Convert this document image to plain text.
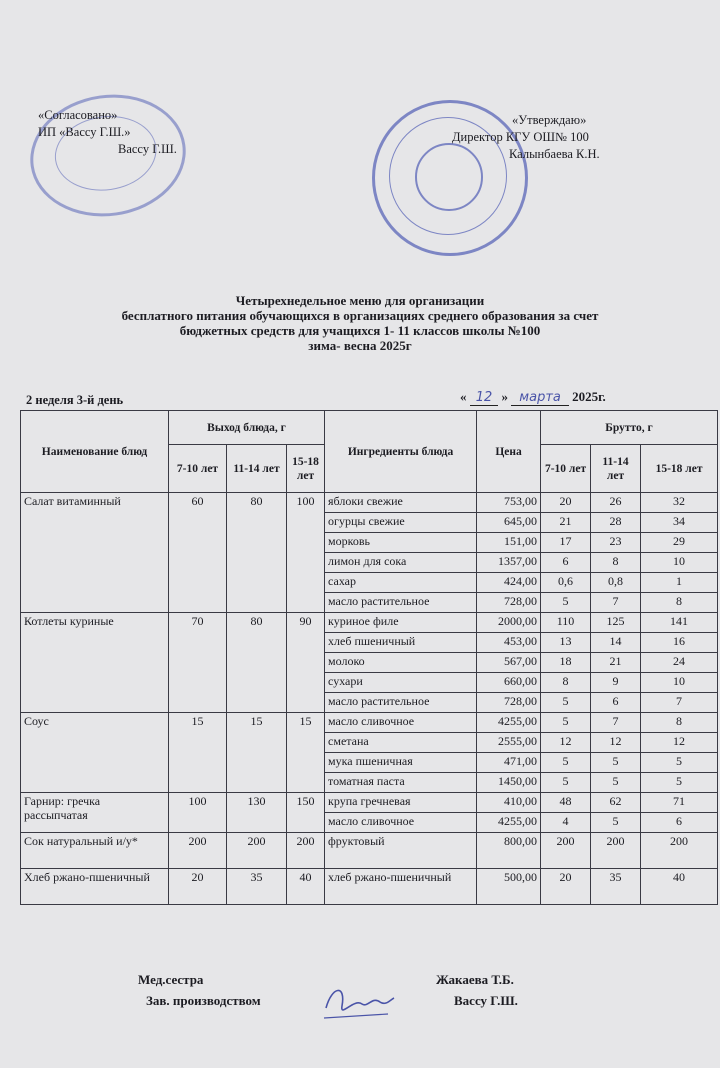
«Согласовано»
ИП «Вассу Г.Ш.»
Вассу Г.Ш.
«Утверждаю»
Директор КГУ ОШ№ 100
Калынбаева К.Н.
Четырехнедельное меню для организации
бесплатного питания обучающихся в организациях среднего образования за счет
бюджетных средств для учащихся 1- 11 классов школы №100
зима- весна 2025г
2 неделя 3-й день	« 12 » марта 2025г.
Наименование блюд	Выход блюда, г			Ингредиенты блюда	Цена	Брутто, г		
	7-10 лет	11-14 лет	15-18 лет			7-10 лет	11-14 лет	15-18 лет
Салат витаминный	60	80	100	яблоки свежие	753,00	20	26	32
				огурцы свежие	645,00	21	28	34
				морковь	151,00	17	23	29
				лимон для сока	1357,00	6	8	10
				сахар	424,00	0,6	0,8	1
				масло растительное	728,00	5	7	8
Котлеты куриные	70	80	90	куриное филе	2000,00	110	125	141
				хлеб пшеничный	453,00	13	14	16
				молоко	567,00	18	21	24
				сухари	660,00	8	9	10
				масло растительное	728,00	5	6	7
Соус	15	15	15	масло сливочное	4255,00	5	7	8
				сметана	2555,00	12	12	12
				мука пшеничная	471,00	5	5	5
				томатная паста	1450,00	5	5	5
Гарнир: гречка рассыпчатая	100	130	150	крупа гречневая	410,00	48	62	71
				масло сливочное	4255,00	4	5	6
Сок натуральный и/у*	200	200	200	фруктовый	800,00	200	200	200
Хлеб ржано-пшеничный	20	35	40	хлеб ржано-пшеничный	500,00	20	35	40
Мед.сестра	Жакаева Т.Б.
Зав. производством	Вассу Г.Ш.
